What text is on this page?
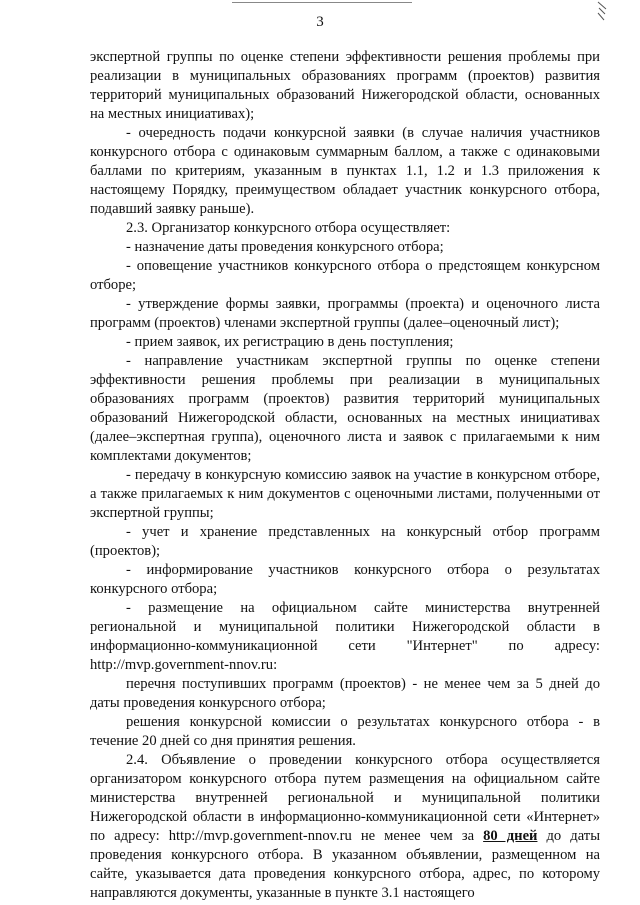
3
экспертной группы по оценке степени эффективности решения проблемы при реализации в муниципальных образованиях программ (проектов) развития территорий муниципальных образований Нижегородской области, основанных на местных инициативах);
- очередность подачи конкурсной заявки (в случае наличия участников конкурсного отбора с одинаковым суммарным баллом, а также с одинаковыми баллами по критериям, указанным в пунктах 1.1, 1.2 и 1.3 приложения к настоящему Порядку, преимуществом обладает участник конкурсного отбора, подавший заявку раньше).
2.3. Организатор конкурсного отбора осуществляет:
- назначение даты проведения конкурсного отбора;
- оповещение участников конкурсного отбора о предстоящем конкурсном отборе;
- утверждение формы заявки, программы (проекта) и оценочного листа программ (проектов) членами экспертной группы (далее–оценочный лист);
- прием заявок, их регистрацию в день поступления;
- направление участникам экспертной группы по оценке степени эффективности решения проблемы при реализации в муниципальных образованиях программ (проектов) развития территорий муниципальных образований Нижегородской области, основанных на местных инициативах (далее–экспертная группа), оценочного листа и заявок с прилагаемыми к ним комплектами документов;
- передачу в конкурсную комиссию заявок на участие в конкурсном отборе, а также прилагаемых к ним документов с оценочными листами, полученными от экспертной группы;
- учет и хранение представленных на конкурсный отбор программ (проектов);
- информирование участников конкурсного отбора о результатах конкурсного отбора;
- размещение на официальном сайте министерства внутренней региональной и муниципальной политики Нижегородской области в информационно-коммуникационной сети "Интернет" по адресу: http://mvp.government-nnov.ru:
перечня поступивших программ (проектов) - не менее чем за 5 дней до даты проведения конкурсного отбора;
решения конкурсной комиссии о результатах конкурсного отбора - в течение 20 дней со дня принятия решения.
2.4. Объявление о проведении конкурсного отбора осуществляется организатором конкурсного отбора путем размещения на официальном сайте министерства внутренней региональной и муниципальной политики Нижегородской области в информационно-коммуникационной сети «Интернет» по адресу: http://mvp.government-nnov.ru не менее чем за 80 дней до даты проведения конкурсного отбора. В указанном объявлении, размещенном на сайте, указывается дата проведения конкурсного отбора, адрес, по которому направляются документы, указанные в пункте 3.1 настоящего
